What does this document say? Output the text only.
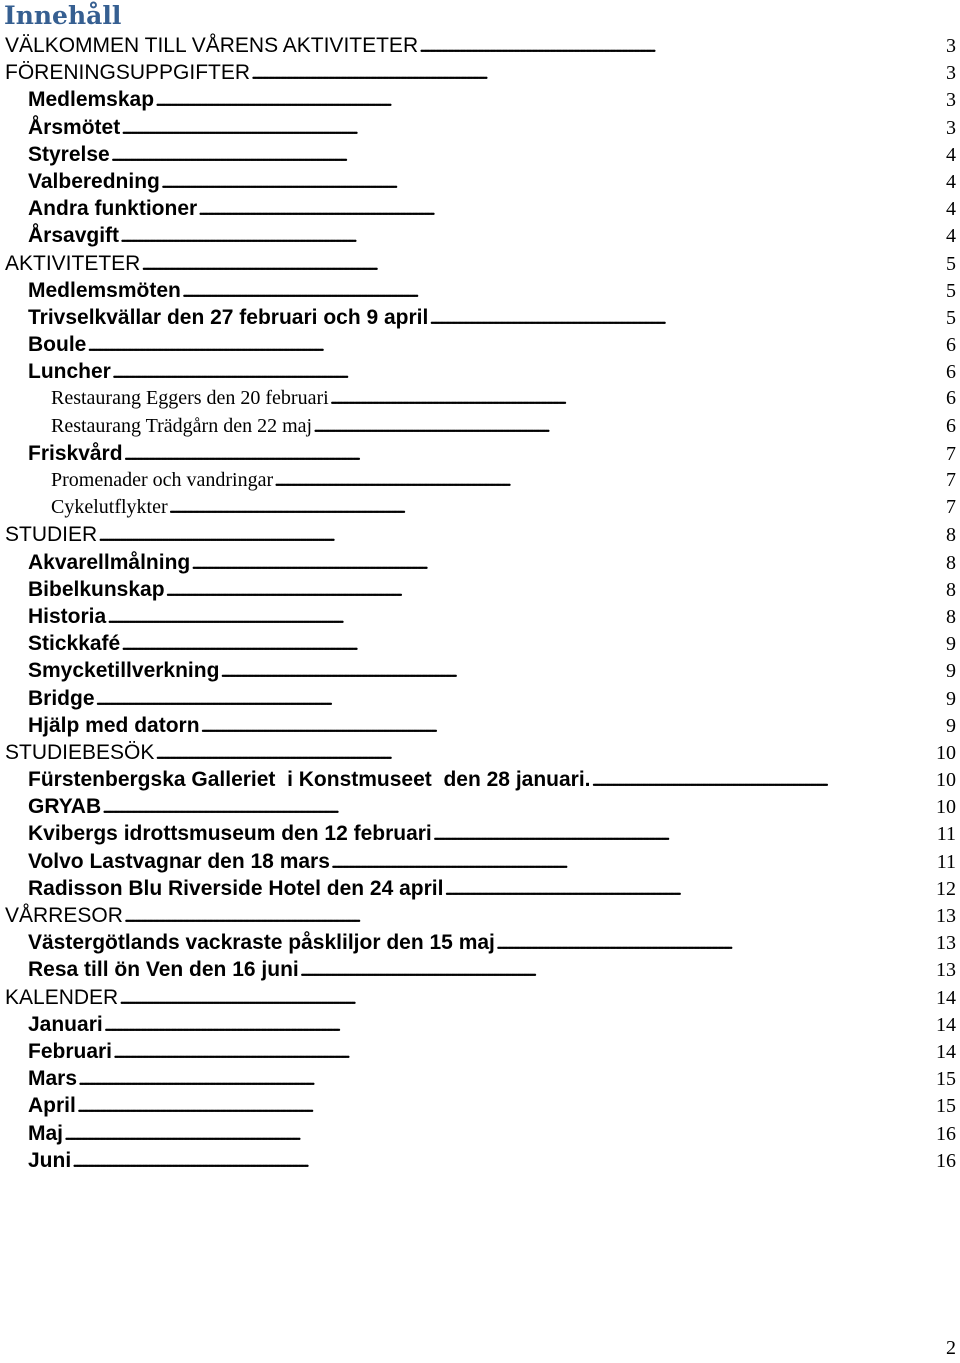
Innehåll
VÄLKOMMEN TILL VÅRENS AKTIVITETER . . .	3
FÖRENINGSUPPGIFTER . . .	3
Medlemskap . . .	3
Årsmötet . . .	3
Styrelse . . .	4
Valberedning . . .	4
Andra funktioner . . .	4
Årsavgift . . .	4
AKTIVITETER . . .	5
Medlemsmöten . . .	5
Trivselkvällar den 27 februari och 9 april . . .	5
Boule . . .	6
Luncher . . .	6
Restaurang Eggers den 20 februari . . .	6
Restaurang Trädgårn den 22 maj . . .	6
Friskvård . . .	7
Promenader och vandringar . . .	7
Cykelutflykter . . .	7
STUDIER . . .	8
Akvarellmålning . . .	8
Bibelkunskap . . .	8
Historia . . .	8
Stickkafé . . .	9
Smycketillverkning . . .	9
Bridge . . .	9
Hjälp med datorn . . .	9
STUDIEBESÖK . . .	10
Fürstenbergska Galleriet  i Konstmuseet  den 28 januari. . . .	10
GRYAB . . .	10
Kvibergs idrottsmuseum den 12 februari . . .	11
Volvo Lastvagnar den 18 mars . . .	11
Radisson Blu Riverside Hotel den 24 april . . .	12
VÅRRESOR . . .	13
Västergötlands vackraste påskliljor den 15 maj . . .	13
Resa till ön Ven den 16 juni . . .	13
KALENDER . . .	14
Januari . . .	14
Februari . . .	14
Mars . . .	15
April . . .	15
Maj . . .	16
Juni . . .	16
2
